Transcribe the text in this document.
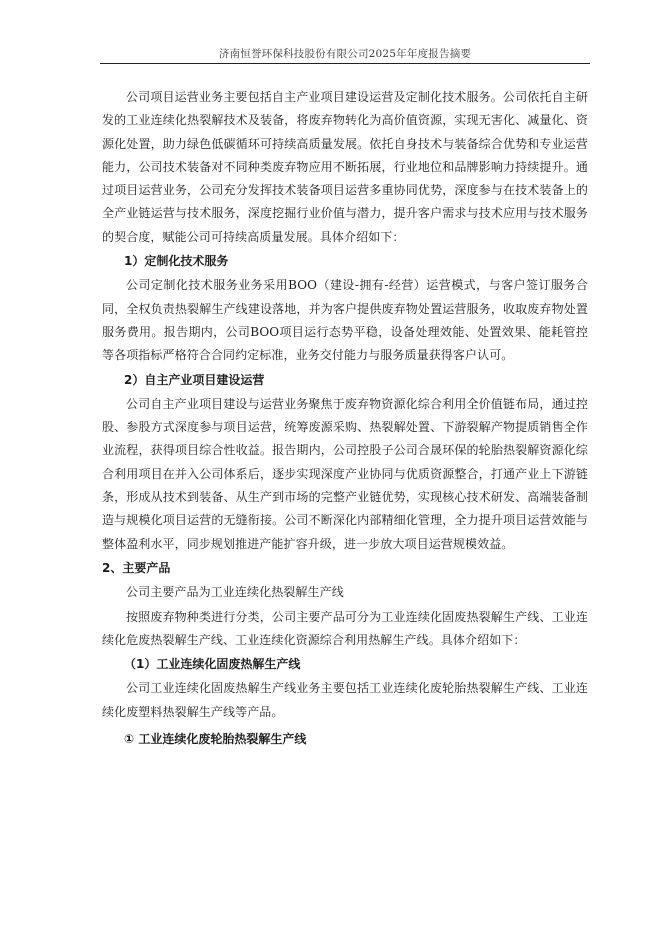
济南恒誉环保科技股份有限公司2025年年度报告摘要

公司项目运营业务主要包括自主产业项目建设运营及定制化技术服务。公司依托自主研发的工业连续化热裂解技术及装备，将废弃物转化为高价值资源，实现无害化、减量化、资源化处置，助力绿色低碳循环可持续高质量发展。依托自身技术与装备综合优势和专业运营能力，公司技术装备对不同种类废弃物应用不断拓展，行业地位和品牌影响力持续提升。通过项目运营业务，公司充分发挥技术装备项目运营多重协同优势，深度参与在技术装备上的全产业链运营与技术服务，深度挖掘行业价值与潜力，提升客户需求与技术应用与技术服务的契合度，赋能公司可持续高质量发展。具体介绍如下：

1）定制化技术服务

公司定制化技术服务业务采用BOO（建设-拥有-经营）运营模式，与客户签订服务合同，全权负责热裂解生产线建设落地，并为客户提供废弃物处置运营服务，收取废弃物处置服务费用。报告期内，公司BOO项目运行态势平稳，设备处理效能、处置效果、能耗管控等各项指标严格符合合同约定标准，业务交付能力与服务质量获得客户认可。

2）自主产业项目建设运营

公司自主产业项目建设与运营业务聚焦于废弃物资源化综合利用全价值链布局，通过控股、参股方式深度参与项目运营，统筹废源采购、热裂解处置、下游裂解产物提质销售全作业流程，获得项目综合性收益。报告期内，公司控股子公司合晟环保的轮胎热裂解资源化综合利用项目在并入公司体系后，逐步实现深度产业协同与优质资源整合，打通产业上下游链条，形成从技术到装备、从生产到市场的完整产业链优势，实现核心技术研发、高端装备制造与规模化项目运营的无缝衔接。公司不断深化内部精细化管理，全力提升项目运营效能与整体盈利水平，同步规划推进产能扩容升级，进一步放大项目运营规模效益。

2、主要产品

公司主要产品为工业连续化热裂解生产线

按照废弃物种类进行分类，公司主要产品可分为工业连续化固废热裂解生产线、工业连续化危废热裂解生产线、工业连续化资源综合利用热解生产线。具体介绍如下：

（1）工业连续化固废热解生产线

公司工业连续化固废热解生产线业务主要包括工业连续化废轮胎热裂解生产线、工业连续化废塑料热裂解生产线等产品。

① 工业连续化废轮胎热裂解生产线
